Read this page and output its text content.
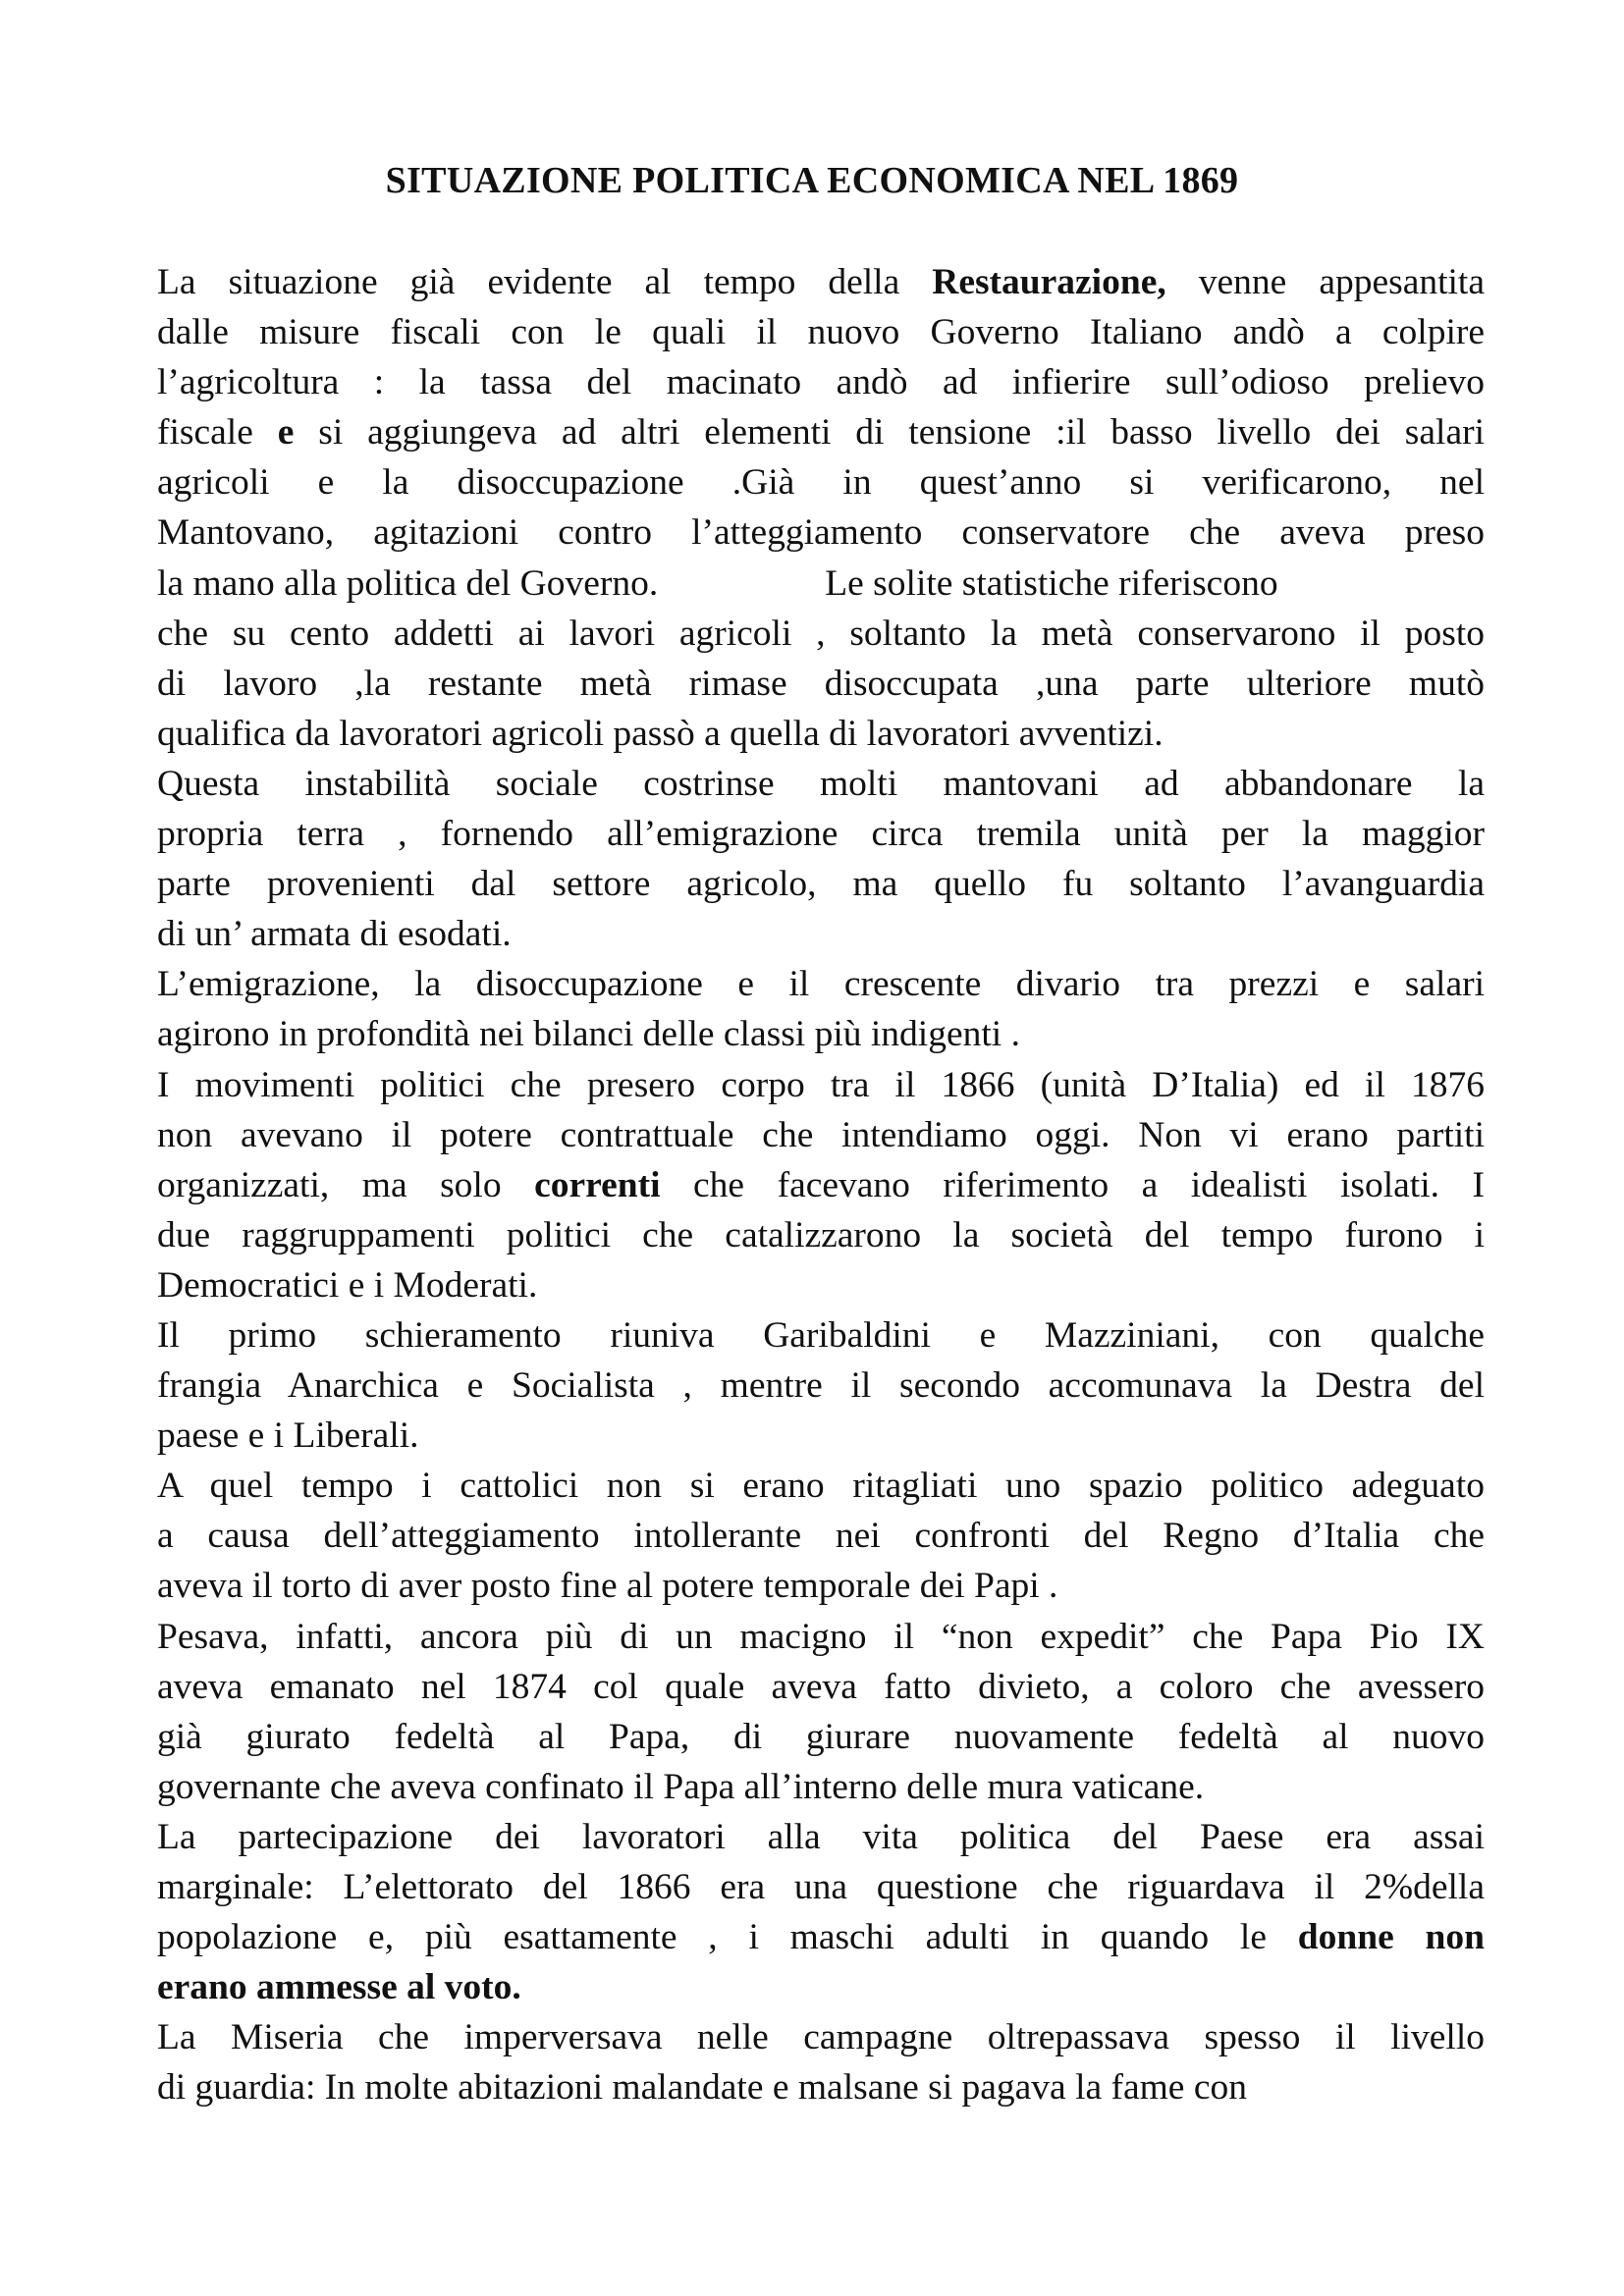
SITUAZIONE POLITICA ECONOMICA NEL 1869
La situazione già evidente al tempo della Restaurazione, venne appesantita
dalle misure fiscali con le quali il nuovo Governo Italiano andò a colpire
l’agricoltura : la tassa del macinato andò ad infierire sull’odioso prelievo
fiscale e si aggiungeva ad altri elementi di tensione :il basso livello dei salari
agricoli e la disoccupazione .Già in quest’anno si verificarono, nel
Mantovano, agitazioni contro l’atteggiamento conservatore che aveva preso
la mano alla politica del Governo.	Le solite statistiche riferiscono
che su cento addetti ai lavori agricoli , soltanto la metà conservarono il posto
di lavoro ,la restante metà rimase disoccupata ,una parte ulteriore mutò
qualifica da lavoratori agricoli passò a quella di lavoratori avventizi.
Questa instabilità sociale costrinse molti mantovani ad abbandonare la
propria terra , fornendo all’emigrazione circa tremila unità per la maggior
parte provenienti dal settore agricolo, ma quello fu soltanto l’avanguardia
di un’ armata di esodati.
L’emigrazione, la disoccupazione e il crescente divario tra prezzi e salari
agirono in profondità nei bilanci delle classi più indigenti .
I movimenti politici che presero corpo tra il 1866 (unità D’Italia) ed il 1876
non avevano il potere contrattuale che intendiamo oggi. Non vi erano partiti
organizzati, ma solo correnti che facevano riferimento a idealisti isolati. I
due raggruppamenti politici che catalizzarono la società del tempo furono i
Democratici e i Moderati.
Il primo schieramento riuniva Garibaldini e Mazziniani, con qualche
frangia Anarchica e Socialista , mentre il secondo accomunava la Destra del
paese e i Liberali.
A quel tempo i cattolici non si erano ritagliati uno spazio politico adeguato
a causa dell’atteggiamento intollerante nei confronti del Regno d’Italia che
aveva il torto di aver posto fine al potere temporale dei Papi .
Pesava, infatti, ancora più di un macigno il “non expedit” che Papa Pio IX
aveva emanato nel 1874 col quale aveva fatto divieto, a coloro che avessero
già giurato fedeltà al Papa, di giurare nuovamente fedeltà al nuovo
governante che aveva confinato il Papa all’interno delle mura vaticane.
La partecipazione dei lavoratori alla vita politica del Paese era assai
marginale: L’elettorato del 1866 era una questione che riguardava il 2%della
popolazione e, più esattamente , i maschi adulti in quando le donne non
erano ammesse al voto.
La Miseria che imperversava nelle campagne oltrepassava spesso il livello
di guardia: In molte abitazioni malandate e malsane si pagava la fame con
